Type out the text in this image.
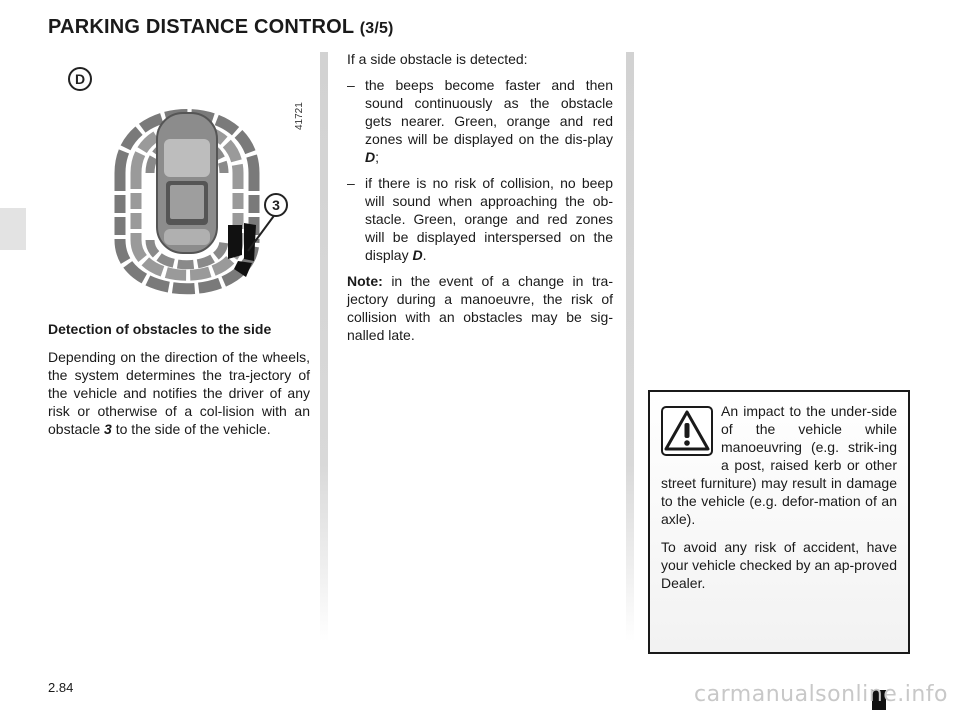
PARKING DISTANCE CONTROL (3/5)
41721
D
3

Detection of obstacles to the side

Depending on the direction of the wheels, the system determines the tra-jectory of the vehicle and notifies the driver of any risk or otherwise of a col-lision with an obstacle 3 to the side of the vehicle.

If a side obstacle is detected:

– the beeps become faster and then sound continuously as the obstacle gets nearer. Green, orange and red zones will be displayed on the dis-play D;
– if there is no risk of collision, no beep will sound when approaching the ob-stacle. Green, orange and red zones will be displayed interspersed on the display D.

Note: in the event of a change in tra-jectory during a manoeuvre, the risk of collision with an obstacles may be sig-nalled late.

An impact to the under-side of the vehicle while manoeuvring (e.g. strik-ing a post, raised kerb or other street furniture) may result in damage to the vehicle (e.g. defor-mation of an axle).

To avoid any risk of accident, have your vehicle checked by an ap-proved Dealer.

2.84	carmanualsonline.info
